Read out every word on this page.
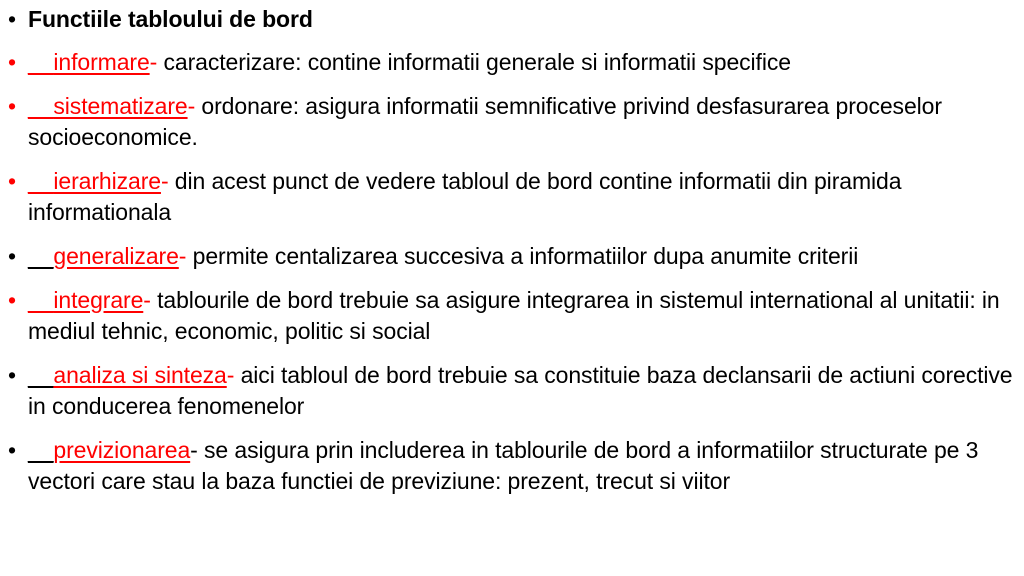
• Functiile tabloului de bord
• __informare- caracterizare: contine informatii generale si informatii specifice
• __sistematizare- ordonare: asigura informatii semnificative privind desfasurarea proceselor socioeconomice.
• __ierarhizare- din acest punct de vedere tabloul de bord contine informatii din piramida informationala
• __generalizare- permite centalizarea succesiva a informatiilor dupa anumite criterii
• __integrare- tablourile de bord trebuie sa asigure integrarea in sistemul international al unitatii: in mediul tehnic, economic, politic si social
• __analiza si sinteza- aici tabloul de bord trebuie sa constituie baza declansarii de actiuni corective in conducerea fenomenelor
• __previzionarea- se asigura prin includerea in tablourile de bord a informatiilor structurate pe 3 vectori care stau la baza functiei de previziune: prezent, trecut si viitor
